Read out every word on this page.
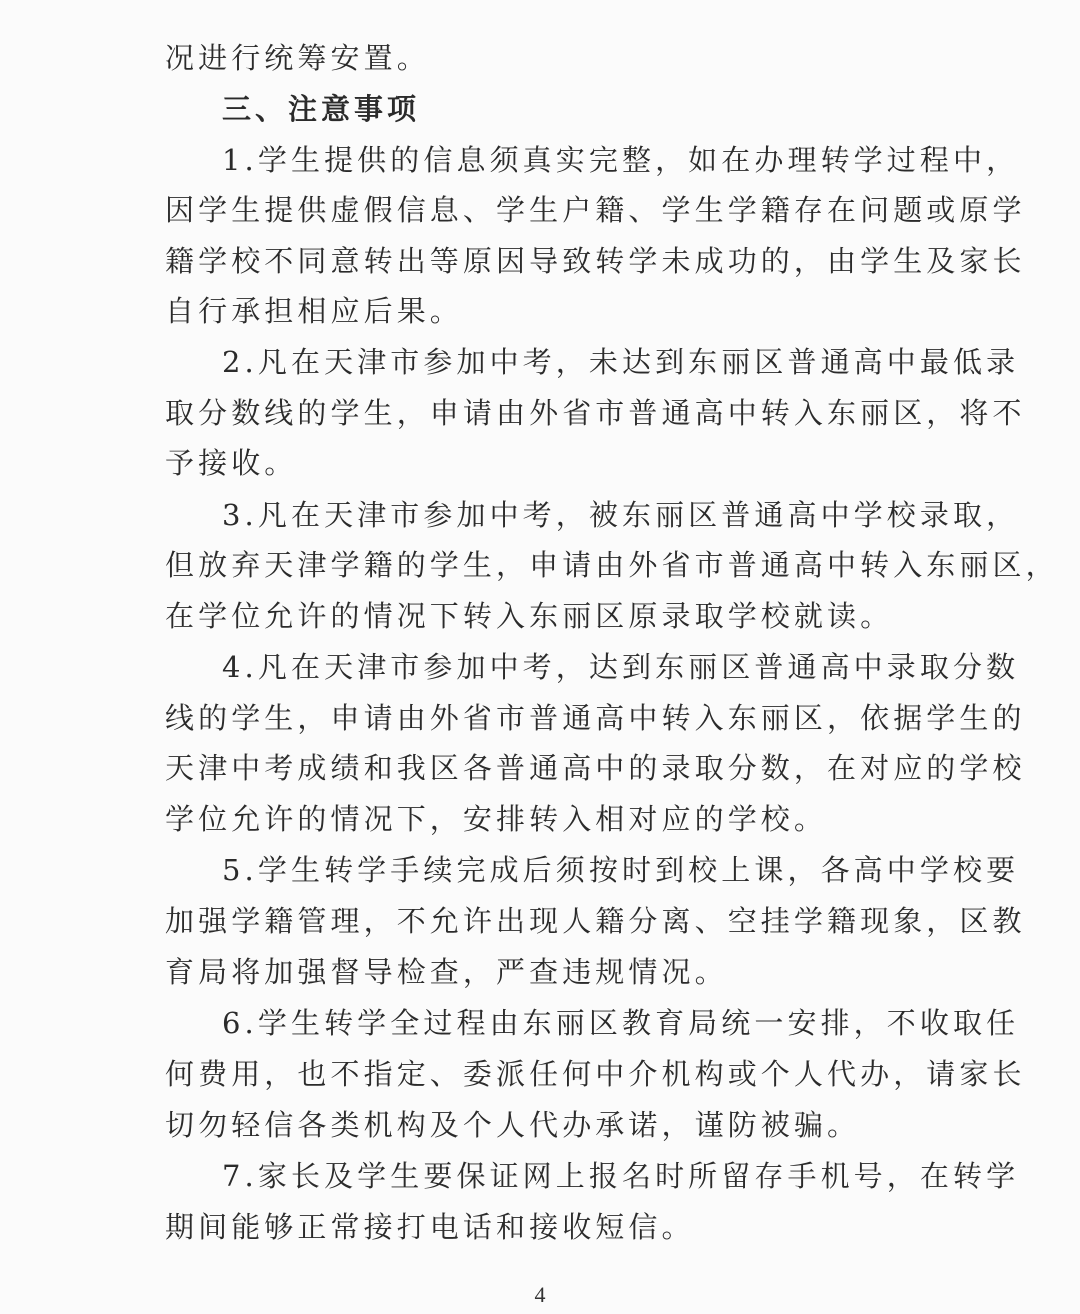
况进行统筹安置。
三、注意事项
1.学生提供的信息须真实完整，如在办理转学过程中，
因学生提供虚假信息、学生户籍、学生学籍存在问题或原学
籍学校不同意转出等原因导致转学未成功的，由学生及家长
自行承担相应后果。
2.凡在天津市参加中考，未达到东丽区普通高中最低录
取分数线的学生，申请由外省市普通高中转入东丽区，将不
予接收。
3.凡在天津市参加中考，被东丽区普通高中学校录取，
但放弃天津学籍的学生，申请由外省市普通高中转入东丽区，
在学位允许的情况下转入东丽区原录取学校就读。
4.凡在天津市参加中考，达到东丽区普通高中录取分数
线的学生，申请由外省市普通高中转入东丽区，依据学生的
天津中考成绩和我区各普通高中的录取分数，在对应的学校
学位允许的情况下，安排转入相对应的学校。
5.学生转学手续完成后须按时到校上课，各高中学校要
加强学籍管理，不允许出现人籍分离、空挂学籍现象，区教
育局将加强督导检查，严查违规情况。
6.学生转学全过程由东丽区教育局统一安排，不收取任
何费用，也不指定、委派任何中介机构或个人代办，请家长
切勿轻信各类机构及个人代办承诺，谨防被骗。
7.家长及学生要保证网上报名时所留存手机号，在转学
期间能够正常接打电话和接收短信。
4
